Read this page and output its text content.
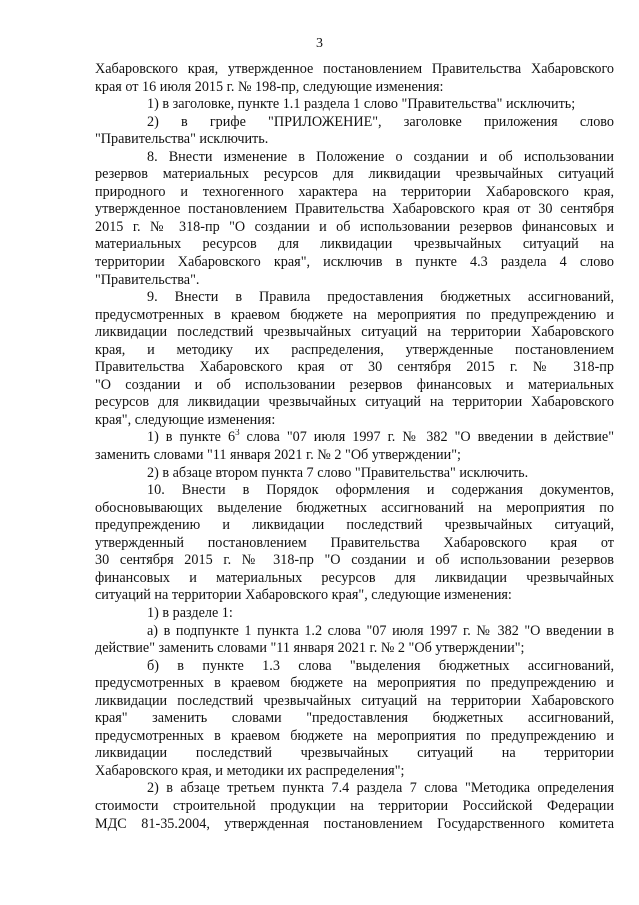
3

Хабаровского края, утвержденное постановлением Правительства Хабаровского

края от 16 июля 2015 г. № 198-пр, следующие изменения:

1) в заголовке, пункте 1.1 раздела 1 слово "Правительства" исключить;

2) в грифе "ПРИЛОЖЕНИЕ", заголовке приложения слово

"Правительства" исключить.

8. Внести изменение в Положение о создании и об использовании

резервов материальных ресурсов для ликвидации чрезвычайных ситуаций

природного и техногенного характера на территории Хабаровского края,

утвержденное постановлением Правительства Хабаровского края от 30 сентября

2015 г. № 318-пр "О создании и об использовании резервов финансовых и

материальных ресурсов для ликвидации чрезвычайных ситуаций на

территории Хабаровского края", исключив в пункте 4.3 раздела 4 слово

"Правительства".

9. Внести в Правила предоставления бюджетных ассигнований,

предусмотренных в краевом бюджете на мероприятия по предупреждению и

ликвидации последствий чрезвычайных ситуаций на территории Хабаровского

края, и методику их распределения, утвержденные постановлением

Правительства Хабаровского края от 30 сентября 2015 г. № 318-пр

"О создании и об использовании резервов финансовых и материальных

ресурсов для ликвидации чрезвычайных ситуаций на территории Хабаровского

края", следующие изменения:

1) в пункте $6^3$ слова "07 июля 1997 г. № 382 "О введении в действие"

заменить словами "11 января 2021 г. № 2 "Об утверждении";

2) в абзаце втором пункта 7 слово "Правительства" исключить.

10. Внести в Порядок оформления и содержания документов,

обосновывающих выделение бюджетных ассигнований на мероприятия по

предупреждению и ликвидации последствий чрезвычайных ситуаций,

утвержденный постановлением Правительства Хабаровского края от

30 сентября 2015 г. № 318-пр "О создании и об использовании резервов

финансовых и материальных ресурсов для ликвидации чрезвычайных

ситуаций на территории Хабаровского края", следующие изменения:

1) в разделе 1:

а) в подпункте 1 пункта 1.2 слова "07 июля 1997 г. № 382 "О введении в

действие" заменить словами "11 января 2021 г. № 2 "Об утверждении";

б) в пункте 1.3 слова "выделения бюджетных ассигнований,

предусмотренных в краевом бюджете на мероприятия по предупреждению и

ликвидации последствий чрезвычайных ситуаций на территории Хабаровского

края" заменить словами "предоставления бюджетных ассигнований,

предусмотренных в краевом бюджете на мероприятия по предупреждению и

ликвидации последствий чрезвычайных ситуаций на территории

Хабаровского края, и методики их распределения";

2) в абзаце третьем пункта 7.4 раздела 7 слова "Методика определения

стоимости строительной продукции на территории Российской Федерации

МДС 81-35.2004, утвержденная постановлением Государственного комитета
